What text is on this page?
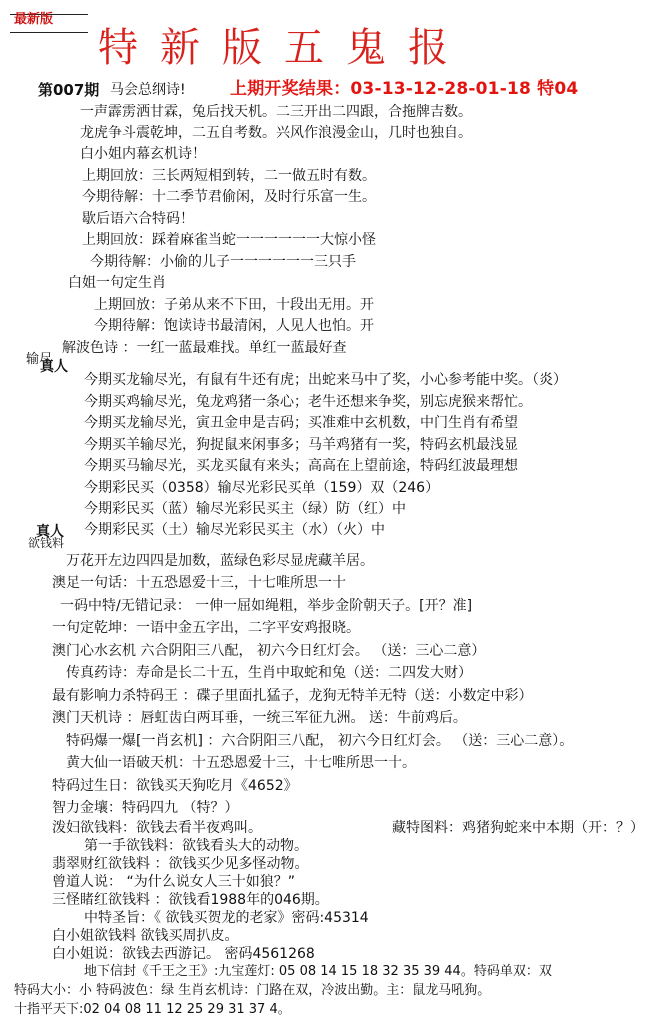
最新版
特新版五鬼报
第007期 马会总纲诗!	上期开奖结果：03-13-12-28-01-18 特04
一声霹雳洒甘霖，兔后找天机。二三开出二四跟，合拖牌吉数。
龙虎争斗震乾坤，二五自考数。兴风作浪漫金山，几时也独自。
白小姐内幕玄机诗！
上期回放：三长两短相到转，二一做五时有数。
今期待解：十二季节君偷闲，及时行乐富一生。
歇后语六合特码！
上期回放：踩着麻雀当蛇一一一一一一大惊小怪
今期待解：小偷的儿子一一一一一一三只手
白姐一句定生肖
上期回放：子弟从来不下田，十段出无用。开
今期待解：饱读诗书最清闲，人见人也怕。开
解波色诗 ：一红一蓝最难找。单红一蓝最好查
输尽
真人
今期买龙输尽光，有鼠有牛还有虎；出蛇来马中了奖，小心参考能中奖。（炎）
今期买鸡输尽光，兔龙鸡猪一条心；老牛还想来争奖，别忘虎猴来帮忙。
今期买龙输尽光，寅丑金申是吉码；买准难中玄机数，中门生肖有希望
今期买羊输尽光，狗捉鼠来闲事多；马羊鸡猪有一奖，特码玄机最浅显
今期买马输尽光，买龙买鼠有来头；高高在上望前途，特码红波最理想
今期彩民买（0358）输尽光彩民买单（159）双（246）
今期彩民买（蓝）输尽光彩民买主（绿）防（红）中
今期彩民买（土）输尽光彩民买主（水）（火）中
真人
欲钱料
万花开左边四四是加数，蓝绿色彩尽显虎藏羊居。
澳足一句话：十五恐恩爱十三，十七唯所思一十
一码中特/无错记录： 一伸一屈如绳粗，举步金阶朝天子。[开？准]
一句定乾坤：一语中金五字出，二字平安鸡报晓。
澳门心水玄机 六合阴阳三八配， 初六今日红灯会。 （送：三心二意）
传真药诗：寿命是长二十五，生肖中取蛇和兔（送：二四发大财）
最有影响力杀特码王 ：碟子里面扎猛子，龙狗无特羊无特（送：小数定中彩）
澳门天机诗 ：唇虹齿白两耳垂，一统三军征九洲。 送：牛前鸡后。
特码爆一爆[一肖玄机] ：六合阴阳三八配， 初六今日红灯会。 （送：三心二意）。
黄大仙一语破天机：十五恐恩爱十三，十七唯所思一十。
特码过生日：欲钱买天狗吃月《4652》
智力金壤：特码四九 （特？）
泼妇欲钱料：欲钱去看半夜鸡叫。	藏特图料：鸡猪狗蛇来中本期（开：？）
第一手欲钱料：欲钱看头大的动物。
翡翠财红欲钱料 ：欲钱买少见多怪动物。
曾道人说： “为什么说女人三十如狼？”
三怪睹红欲钱料 ：欲钱看1988年的046期。
中特圣旨：《 欲钱买贺龙的老家》密码:45314
白小姐欲钱料 欲钱买周扒皮。
白小姐说：欲钱去西游记。 密码4561268
地下信封《千王之王》:九宝莲灯: 05 08 14 15 18 32 35 39 44。特码单双：双
特码大小：小 特码波色：绿 生肖玄机诗：门路在双，冷波出勤。主：鼠龙马吼狗。
十指平天下:02 04 08 11 12 25 29 31 37 4。
